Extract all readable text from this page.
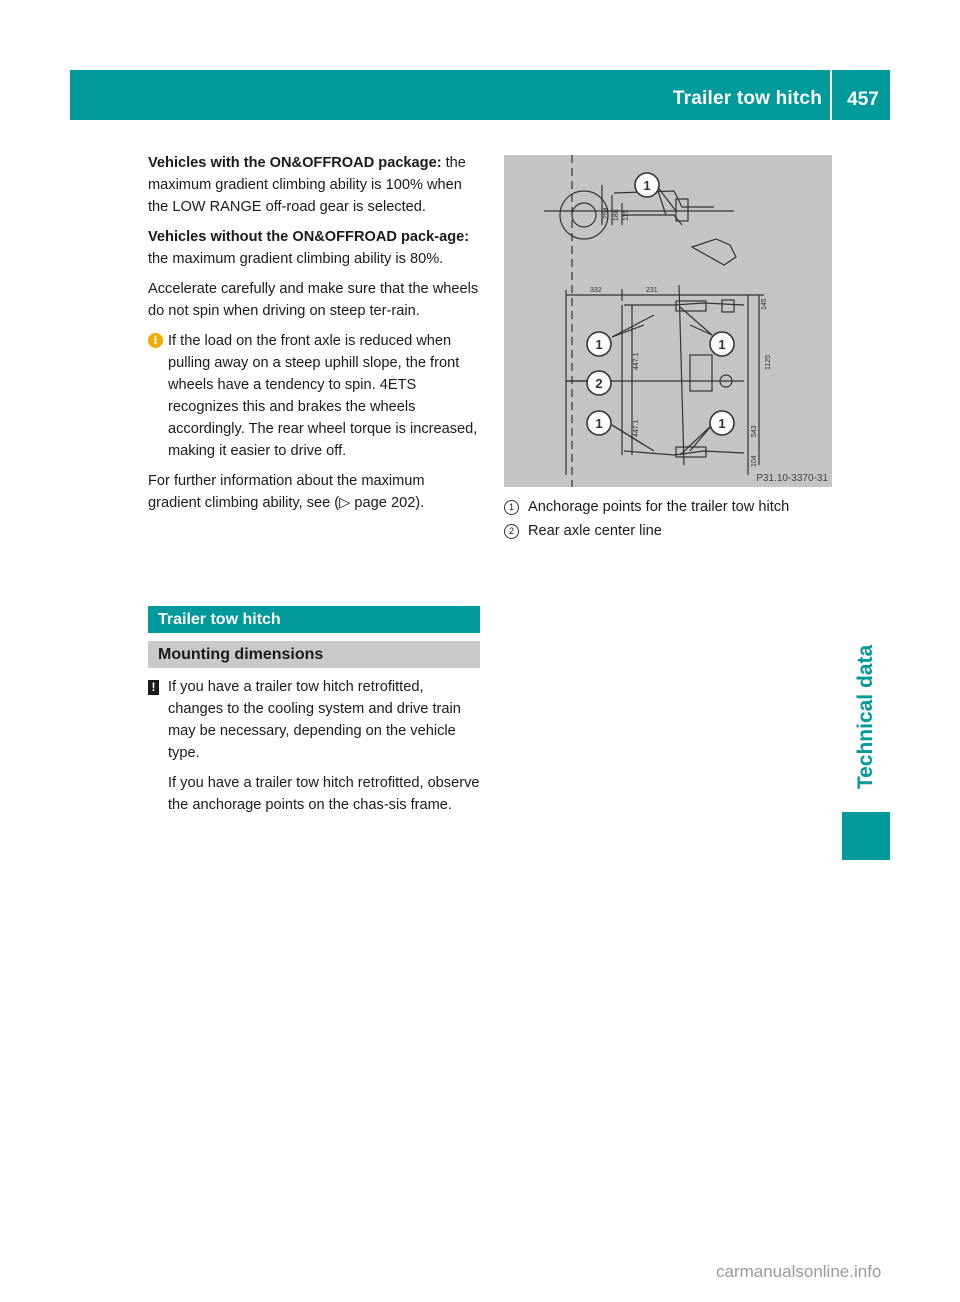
Trailer tow hitch	457
Technical data

Vehicles with the ON&OFFROAD package: the maximum gradient climbing ability is 100% when the LOW RANGE off-road gear is selected.

Vehicles without the ON&OFFROAD pack-age: the maximum gradient climbing ability is 80%.

Accelerate carefully and make sure that the wheels do not spin when driving on steep ter-rain.

i If the load on the front axle is reduced when pulling away on a steep uphill slope, the front wheels have a tendency to spin. 4ETS recognizes this and brakes the wheels accordingly. The rear wheel torque is increased, making it easier to drive off.

For further information about the maximum gradient climbing ability, see (▷ page 202).

Trailer tow hitch
Mounting dimensions
! If you have a trailer tow hitch retrofitted, changes to the cooling system and drive train may be necessary, depending on the vehicle type.

If you have a trailer tow hitch retrofitted, observe the anchorage points on the chas-sis frame.

1
1	1
2
1	1
254 188 115
332	231
145
1125
447.1
447.1	543
104
P31.10-3370-31
1 Anchorage points for the trailer tow hitch
2 Rear axle center line
carmanualsonline.info
